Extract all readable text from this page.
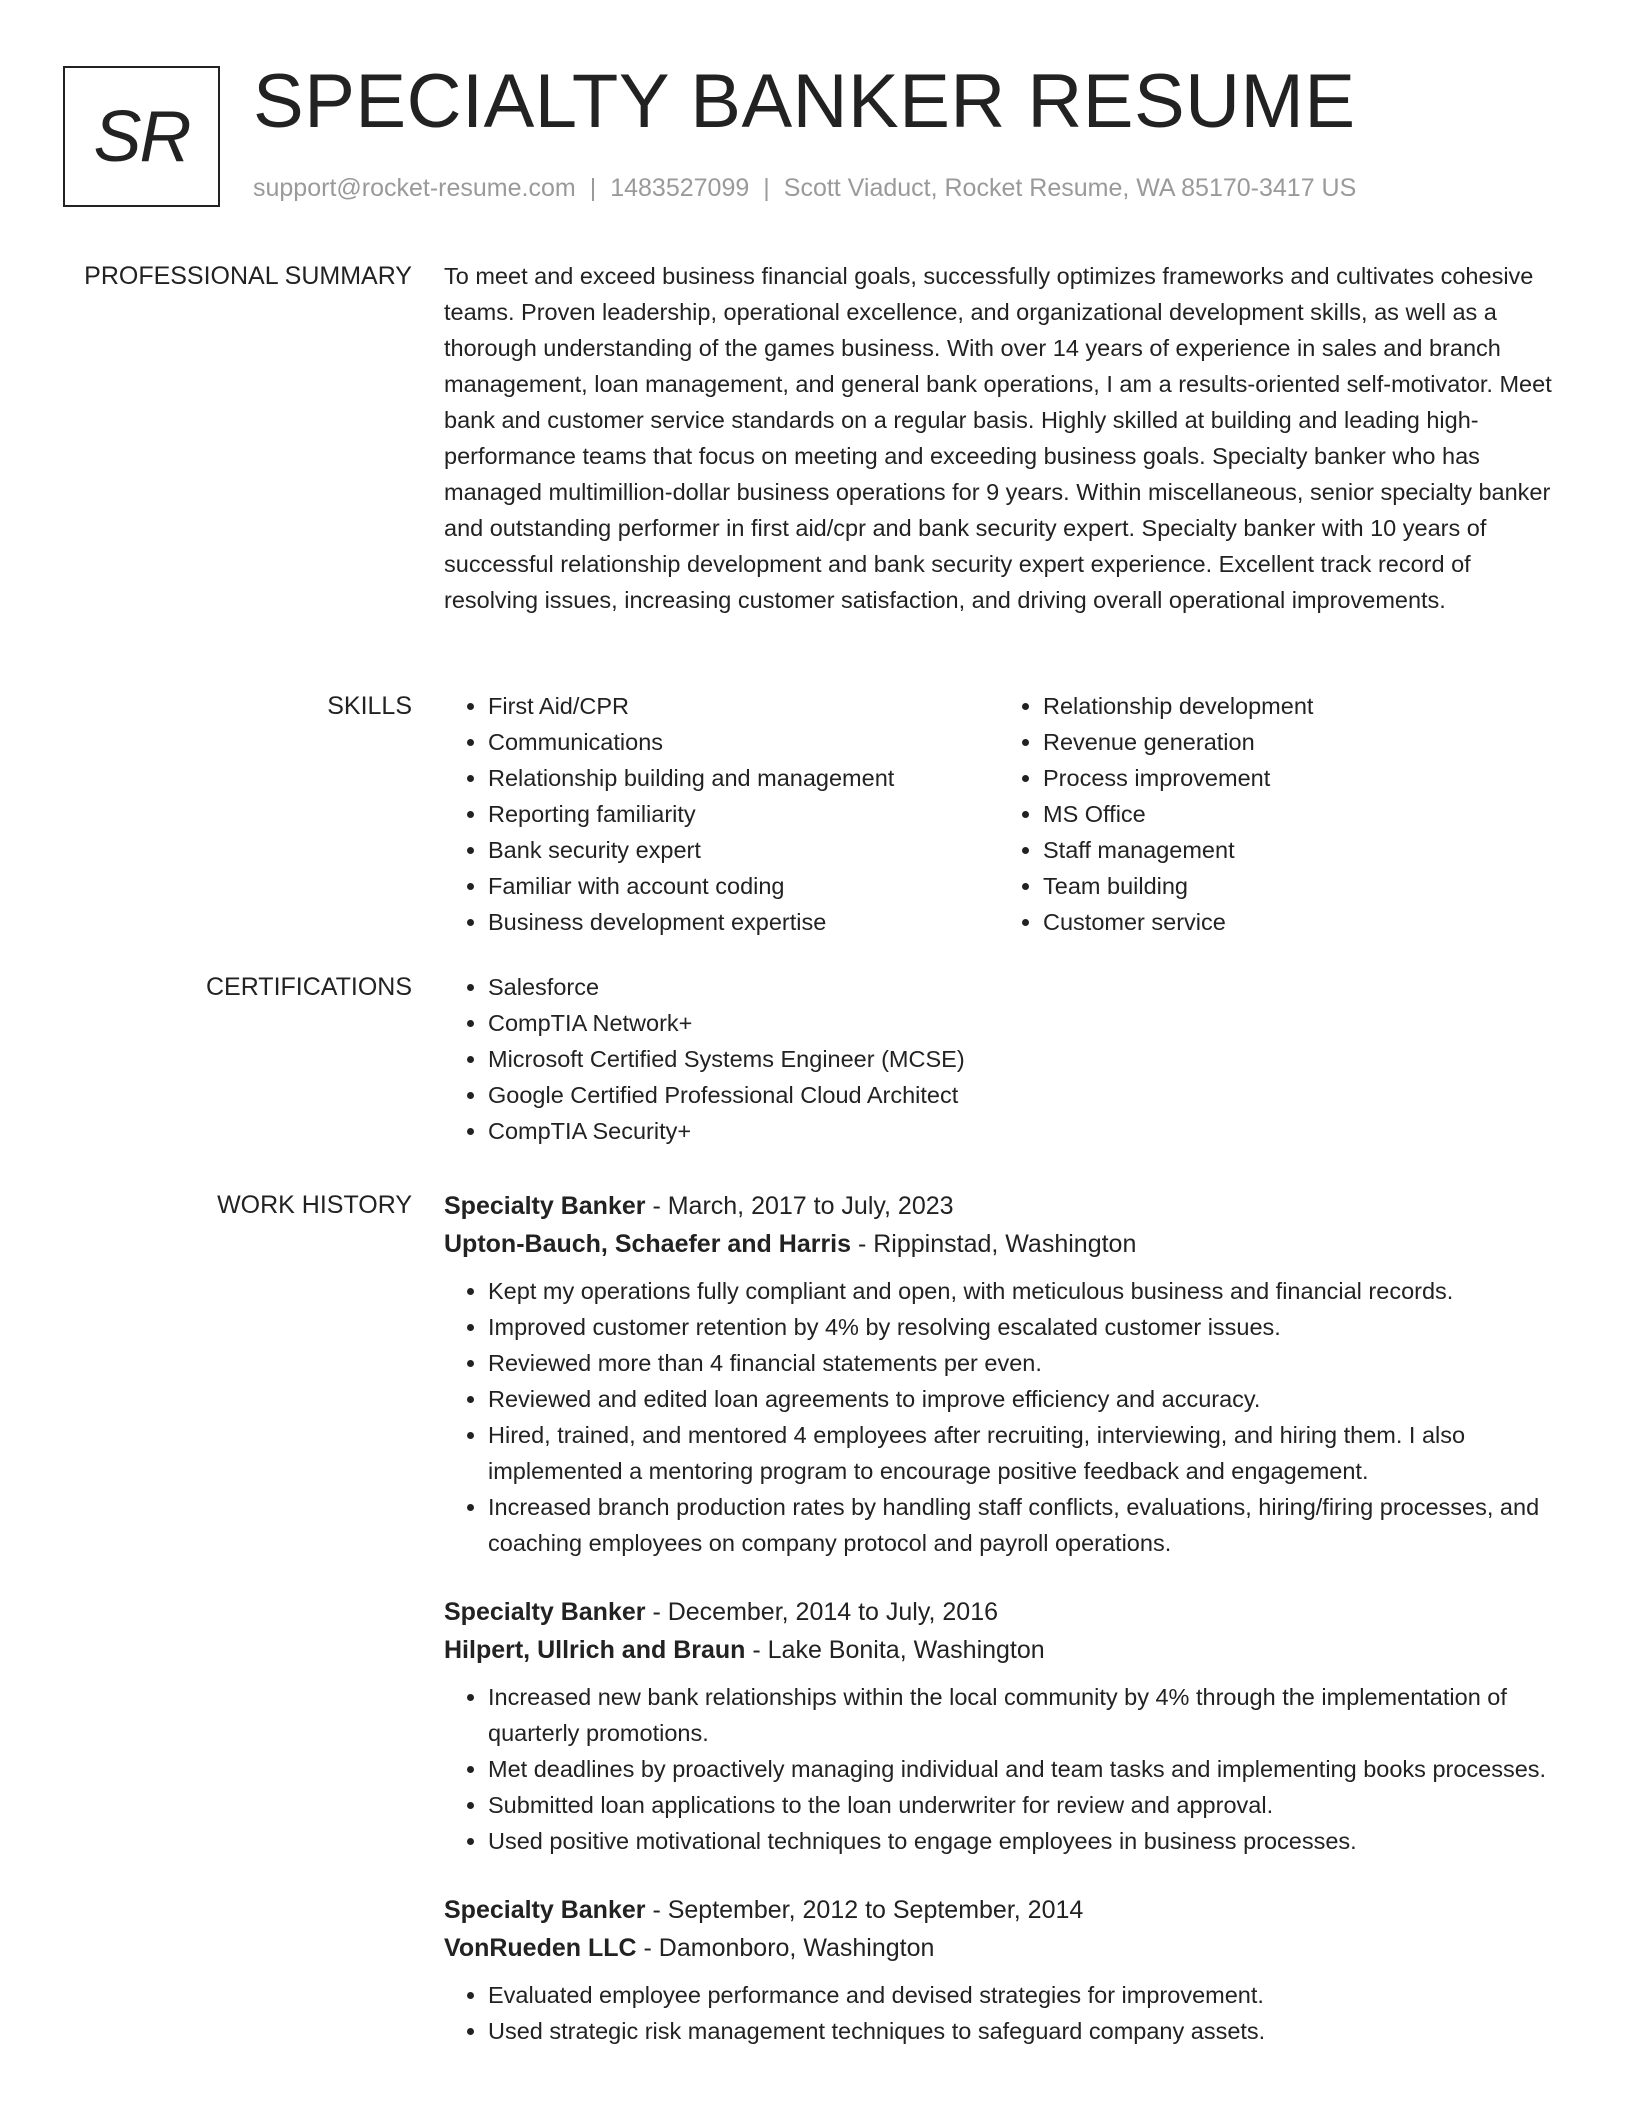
SR SPECIALTY BANKER RESUME
support@rocket-resume.com | 1483527099 | Scott Viaduct, Rocket Resume, WA 85170-3417 US
PROFESSIONAL SUMMARY To meet and exceed business financial goals, successfully optimizes frameworks and cultivates cohesive teams. Proven leadership, operational excellence, and organizational development skills, as well as a thorough understanding of the games business. With over 14 years of experience in sales and branch management, loan management, and general bank operations, I am a results-oriented self-motivator. Meet bank and customer service standards on a regular basis. Highly skilled at building and leading high-performance teams that focus on meeting and exceeding business goals. Specialty banker who has managed multimillion-dollar business operations for 9 years. Within miscellaneous, senior specialty banker and outstanding performer in first aid/cpr and bank security expert. Specialty banker with 10 years of successful relationship development and bank security expert experience. Excellent track record of resolving issues, increasing customer satisfaction, and driving overall operational improvements.

SKILLS	• First Aid/CPR
• Communications
• Relationship building and management
• Reporting familiarity
• Bank security expert
• Familiar with account coding
• Business development expertise
• Relationship development
• Revenue generation
• Process improvement
• MS Office
• Staff management
• Team building
• Customer service
CERTIFICATIONS	• Salesforce
• CompTIA Network+
• Microsoft Certified Systems Engineer (MCSE)
• Google Certified Professional Cloud Architect
• CompTIA Security+
WORK HISTORY Specialty Banker - March, 2017 to July, 2023
Upton-Bauch, Schaefer and Harris - Rippinstad, Washington
• Kept my operations fully compliant and open, with meticulous business and financial records.
• Improved customer retention by 4% by resolving escalated customer issues.
• Reviewed more than 4 financial statements per even.
• Reviewed and edited loan agreements to improve efficiency and accuracy.
• Hired, trained, and mentored 4 employees after recruiting, interviewing, and hiring them. I also implemented a mentoring program to encourage positive feedback and engagement.
• Increased branch production rates by handling staff conflicts, evaluations, hiring/firing processes, and coaching employees on company protocol and payroll operations.
Specialty Banker - December, 2014 to July, 2016
Hilpert, Ullrich and Braun - Lake Bonita, Washington
• Increased new bank relationships within the local community by 4% through the implementation of quarterly promotions.
• Met deadlines by proactively managing individual and team tasks and implementing books processes.
• Submitted loan applications to the loan underwriter for review and approval.
• Used positive motivational techniques to engage employees in business processes.
Specialty Banker - September, 2012 to September, 2014
VonRueden LLC - Damonboro, Washington
• Evaluated employee performance and devised strategies for improvement.
• Used strategic risk management techniques to safeguard company assets.
